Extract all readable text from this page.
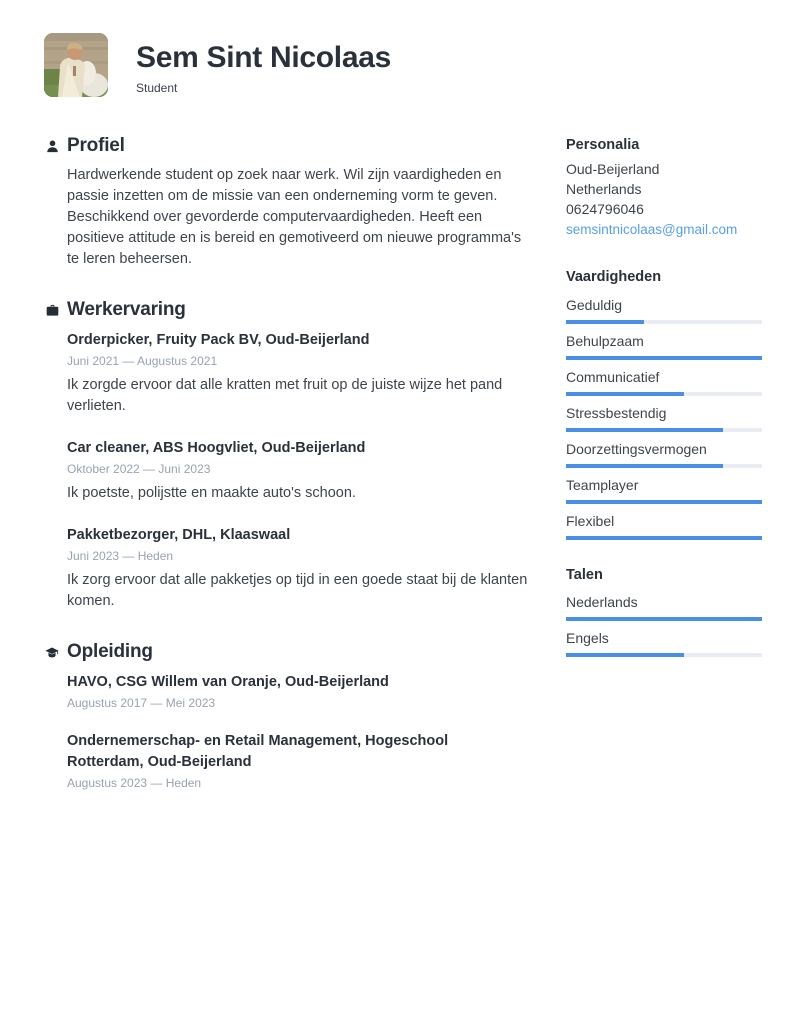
Sem Sint Nicolaas
Student
Profiel
Hardwerkende student op zoek naar werk. Wil zijn vaardigheden en passie inzetten om de missie van een onderneming vorm te geven. Beschikkend over gevorderde computervaardigheden. Heeft een positieve attitude en is bereid en gemotiveerd om nieuwe programma's te leren beheersen.
Werkervaring
Orderpicker, Fruity Pack BV, Oud-Beijerland
Juni 2021 — Augustus 2021
Ik zorgde ervoor dat alle kratten met fruit op de juiste wijze het pand verlieten.
Car cleaner, ABS Hoogvliet, Oud-Beijerland
Oktober 2022 — Juni 2023
Ik poetste, polijstte en maakte auto's schoon.
Pakketbezorger, DHL, Klaaswaal
Juni 2023 — Heden
Ik zorg ervoor dat alle pakketjes op tijd in een goede staat bij de klanten komen.
Opleiding
HAVO, CSG Willem van Oranje, Oud-Beijerland
Augustus 2017 — Mei 2023
Ondernemerschap- en Retail Management, Hogeschool Rotterdam, Oud-Beijerland
Augustus 2023 — Heden
Personalia
Oud-Beijerland
Netherlands
0624796046
semsintnicolaas@gmail.com
Vaardigheden
Geduldig
Behulpzaam
Communicatief
Stressbestendig
Doorzettingsvermogen
Teamplayer
Flexibel
Talen
Nederlands
Engels
